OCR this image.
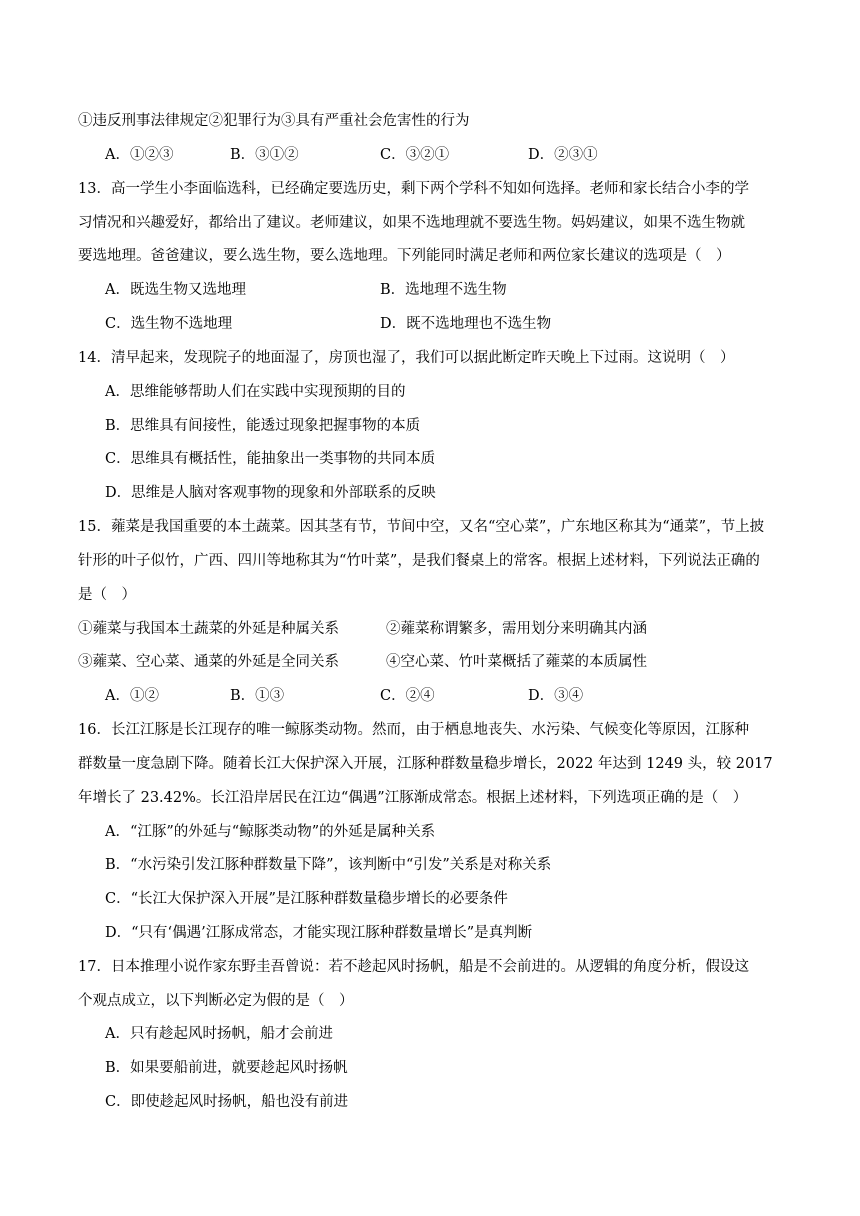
①违反刑事法律规定②犯罪行为③具有严重社会危害性的行为
A．①②③	B．③①②	C．③②①	D．②③①
13．高一学生小李面临选科，已经确定要选历史，剩下两个学科不知如何选择。老师和家长结合小李的学
习情况和兴趣爱好，都给出了建议。老师建议，如果不选地理就不要选生物。妈妈建议，如果不选生物就
要选地理。爸爸建议，要么选生物，要么选地理。下列能同时满足老师和两位家长建议的选项是（　）
A．既选生物又选地理	B．选地理不选生物
C．选生物不选地理	D．既不选地理也不选生物
14．清早起来，发现院子的地面湿了，房顶也湿了，我们可以据此断定昨天晚上下过雨。这说明（　）
A．思维能够帮助人们在实践中实现预期的目的
B．思维具有间接性，能透过现象把握事物的本质
C．思维具有概括性，能抽象出一类事物的共同本质
D．思维是人脑对客观事物的现象和外部联系的反映
15．蕹菜是我国重要的本土蔬菜。因其茎有节，节间中空，又名“空心菜”，广东地区称其为“通菜”，节上披
针形的叶子似竹，广西、四川等地称其为“竹叶菜”，是我们餐桌上的常客。根据上述材料，下列说法正确的
是（　）
①蕹菜与我国本土蔬菜的外延是种属关系	②蕹菜称谓繁多，需用划分来明确其内涵
③蕹菜、空心菜、通菜的外延是全同关系	④空心菜、竹叶菜概括了蕹菜的本质属性
A．①②	B．①③	C．②④	D．③④
16．长江江豚是长江现存的唯一鲸豚类动物。然而，由于栖息地丧失、水污染、气候变化等原因，江豚种
群数量一度急剧下降。随着长江大保护深入开展，江豚种群数量稳步增长，2022 年达到 1249 头，较 2017
年增长了 23.42%。长江沿岸居民在江边“偶遇”江豚渐成常态。根据上述材料，下列选项正确的是（　）
A．“江豚”的外延与“鲸豚类动物”的外延是属种关系
B．“水污染引发江豚种群数量下降”，该判断中“引发”关系是对称关系
C．“长江大保护深入开展”是江豚种群数量稳步增长的必要条件
D．“只有‘偶遇’江豚成常态，才能实现江豚种群数量增长”是真判断
17．日本推理小说作家东野圭吾曾说：若不趁起风时扬帆，船是不会前进的。从逻辑的角度分析，假设这
个观点成立，以下判断必定为假的是（　）
A．只有趁起风时扬帆，船才会前进
B．如果要船前进，就要趁起风时扬帆
C．即使趁起风时扬帆，船也没有前进
